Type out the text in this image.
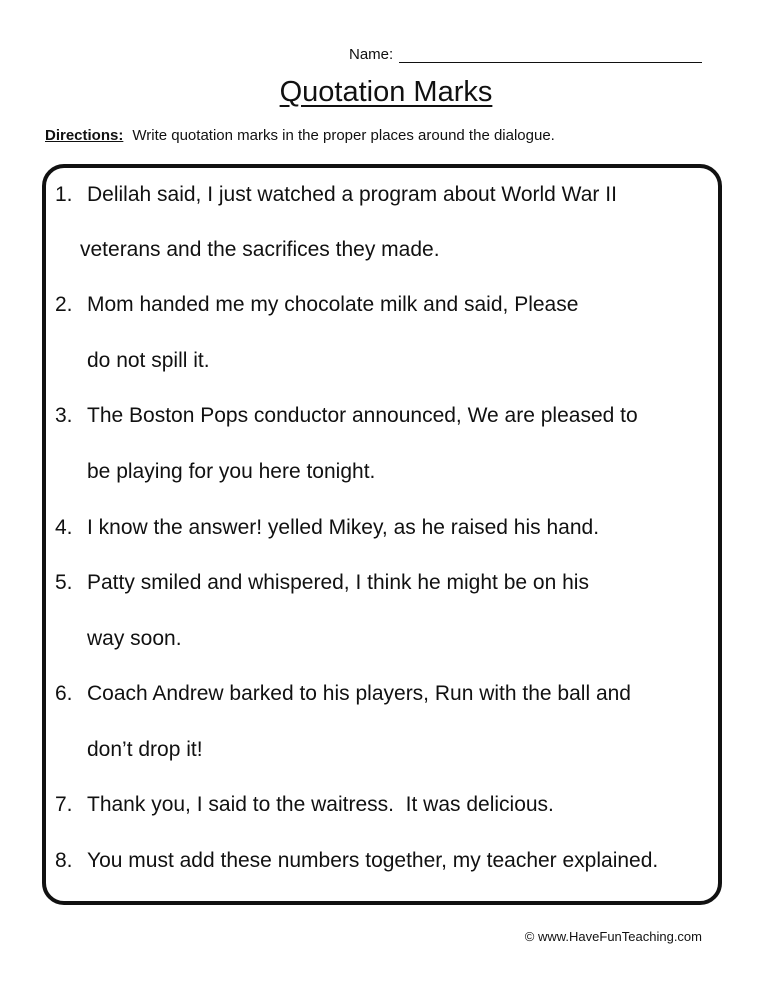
Name:
Quotation Marks
Directions: Write quotation marks in the proper places around the dialogue.
1. Delilah said, I just watched a program about World War II
veterans and the sacrifices they made.
2. Mom handed me my chocolate milk and said, Please
do not spill it.
3. The Boston Pops conductor announced, We are pleased to
be playing for you here tonight.
4. I know the answer! yelled Mikey, as he raised his hand.
5. Patty smiled and whispered, I think he might be on his
way soon.
6. Coach Andrew barked to his players, Run with the ball and
don’t drop it!
7. Thank you, I said to the waitress.  It was delicious.
8. You must add these numbers together, my teacher explained.
© www.HaveFunTeaching.com
